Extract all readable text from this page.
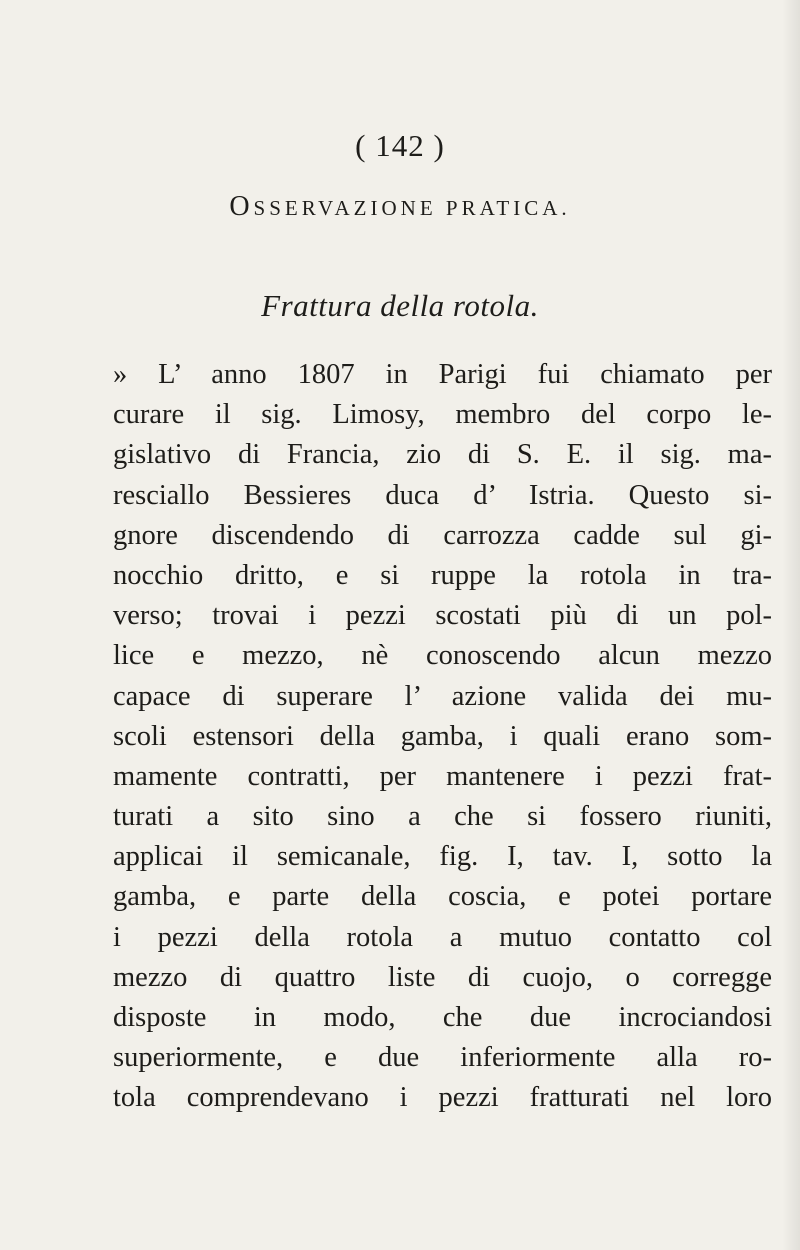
( 142 )
OSSERVAZIONE PRATICA.
Frattura della rotola.
» L’ anno 1807 in Parigi fui chiamato per
curare il sig. Limosy, membro del corpo le-
gislativo di Francia, zio di S. E. il sig. ma-
resciallo Bessieres duca d’ Istria. Questo si-
gnore discendendo di carrozza cadde sul gi-
nocchio dritto, e si ruppe la rotola in tra-
verso; trovai i pezzi scostati più di un pol-
lice e mezzo, nè conoscendo alcun mezzo
capace di superare l’ azione valida dei mu-
scoli estensori della gamba, i quali erano som-
mamente contratti, per mantenere i pezzi frat-
turati a sito sino a che si fossero riuniti,
applicai il semicanale, fig. I, tav. I, sotto la
gamba, e parte della coscia, e potei portare
i pezzi della rotola a mutuo contatto col
mezzo di quattro liste di cuojo, o corregge
disposte in modo, che due incrociandosi
superiormente, e due inferiormente alla ro-
tola comprendevano i pezzi fratturati nel loro
